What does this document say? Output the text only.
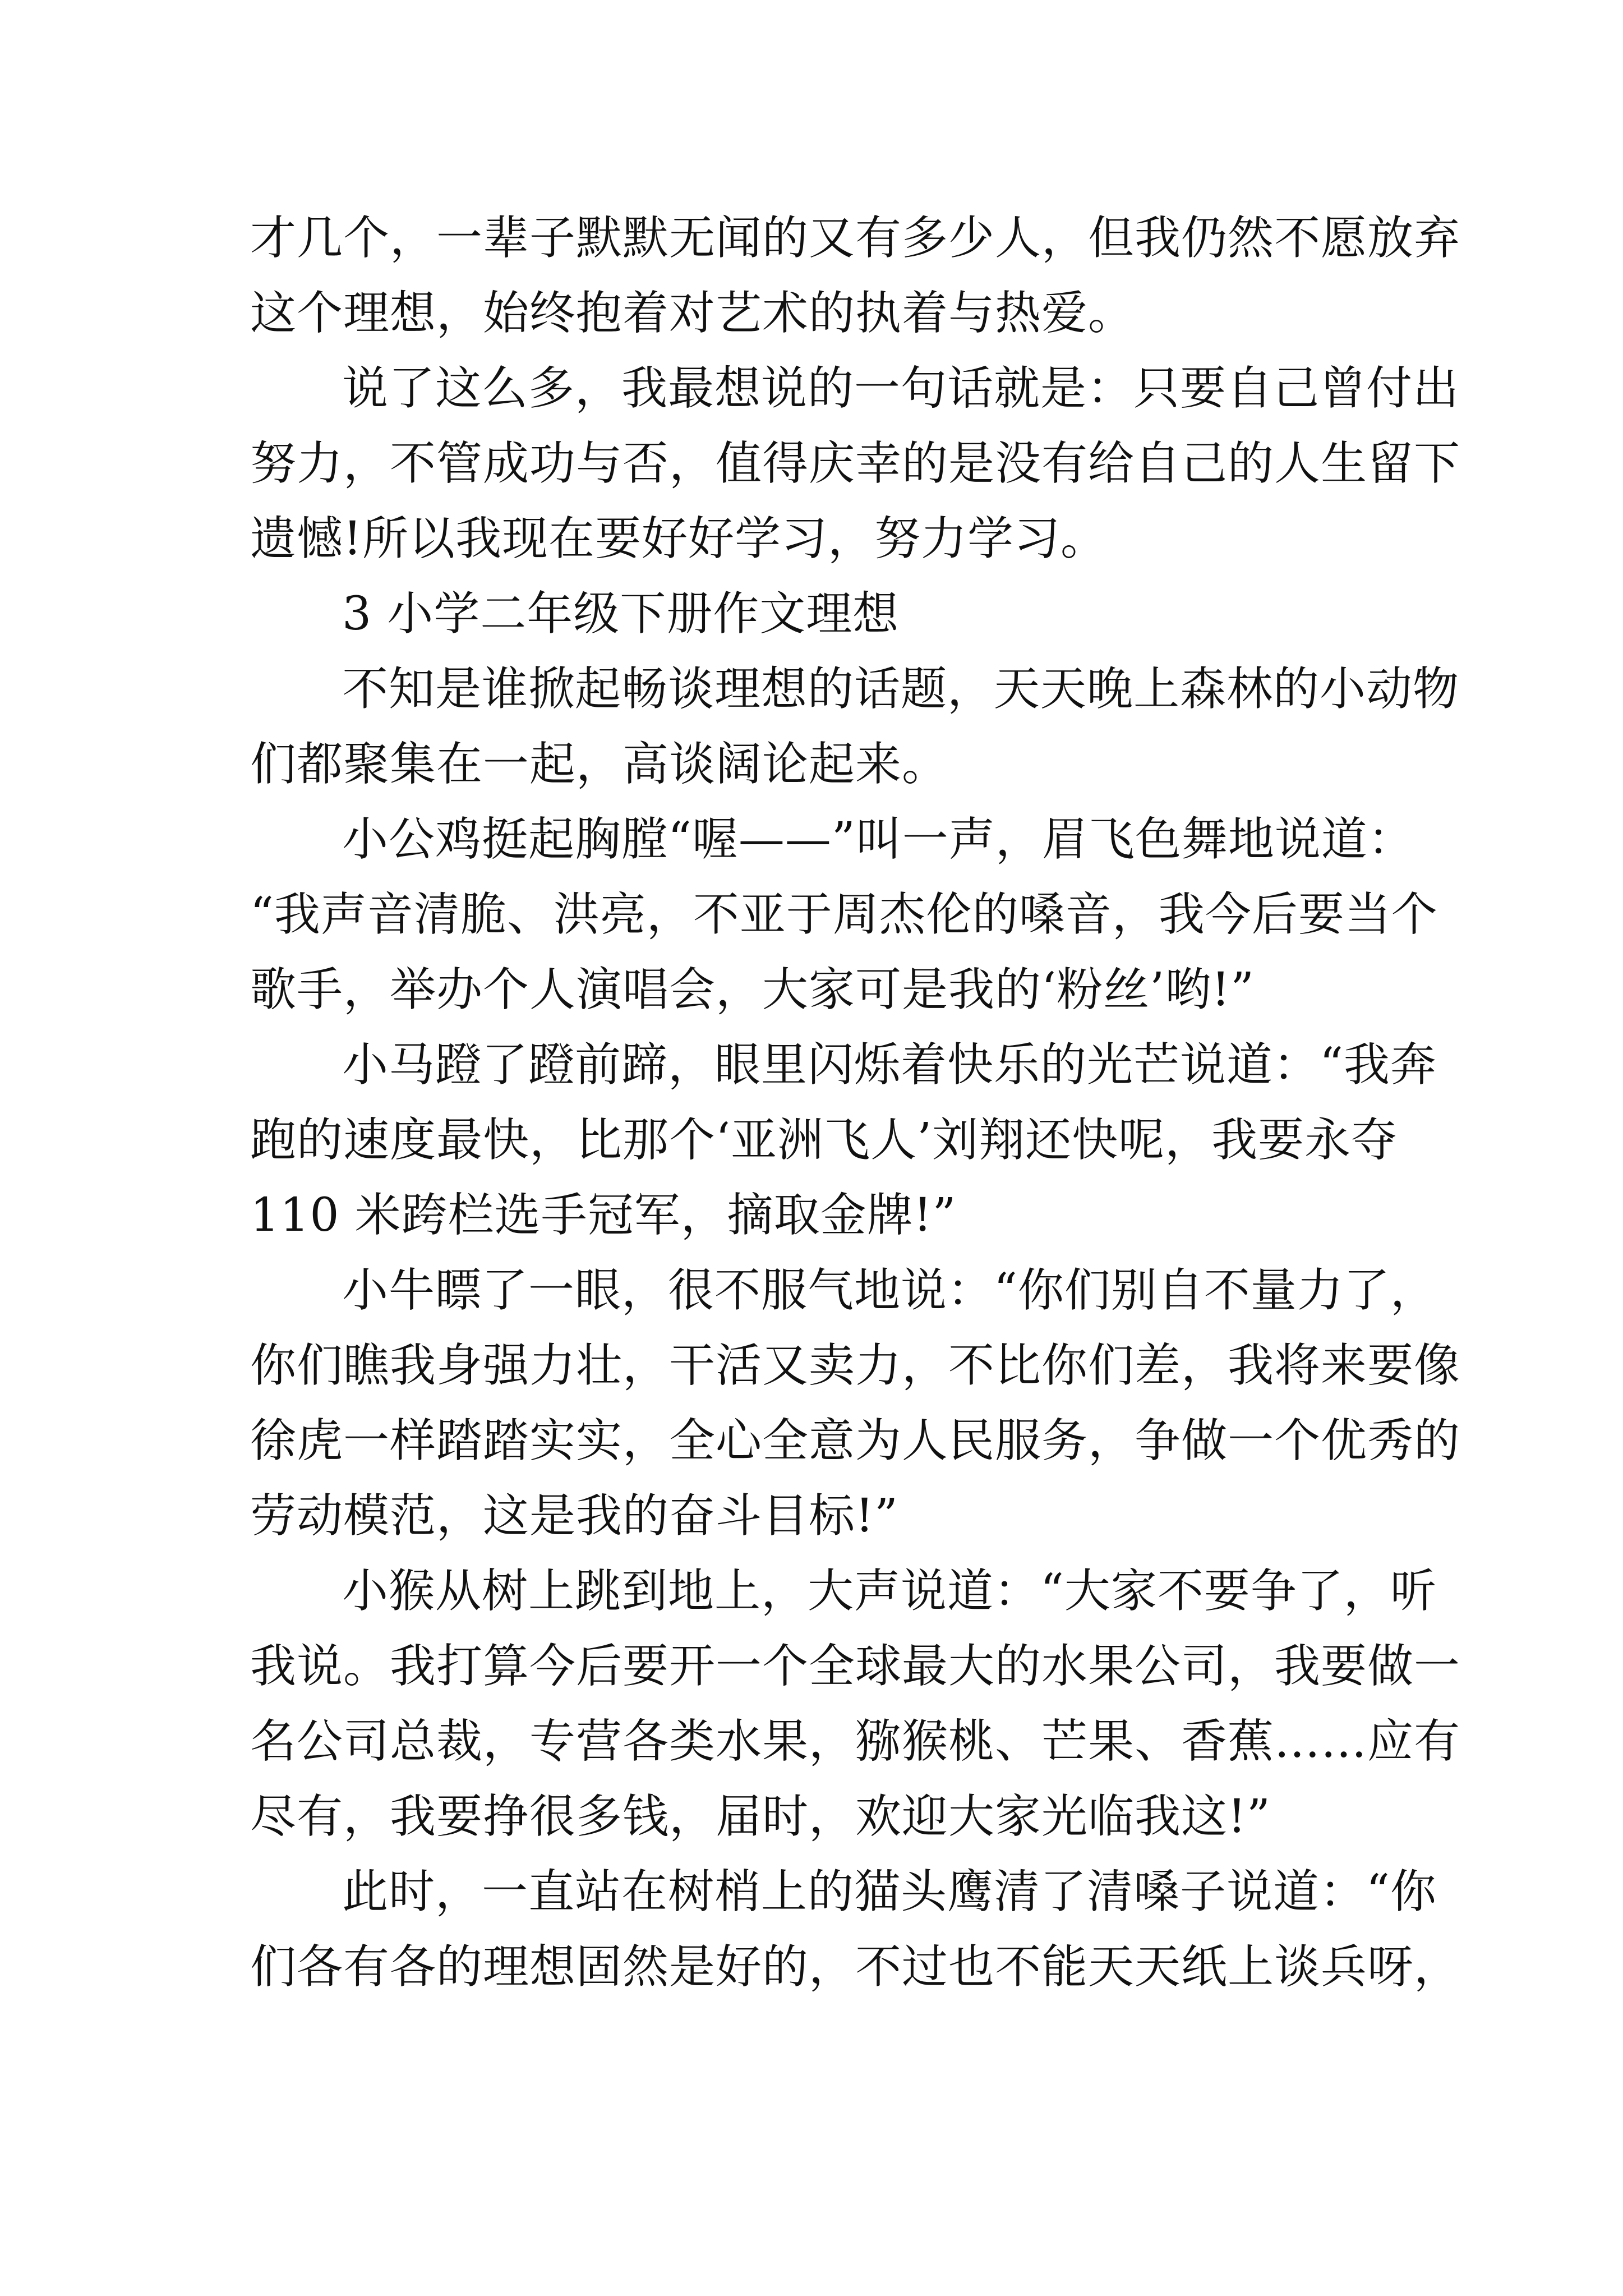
才几个，一辈子默默无闻的又有多少人，但我仍然不愿放弃
这个理想，始终抱着对艺术的执着与热爱。
说了这么多，我最想说的一句话就是：只要自己曾付出
努力，不管成功与否，值得庆幸的是没有给自己的人生留下
遗憾!所以我现在要好好学习，努力学习。
3 小学二年级下册作文理想
不知是谁掀起畅谈理想的话题，天天晚上森林的小动物
们都聚集在一起，高谈阔论起来。
小公鸡挺起胸膛“喔——”叫一声，眉飞色舞地说道：
“我声音清脆、洪亮，不亚于周杰伦的嗓音，我今后要当个
歌手，举办个人演唱会，大家可是我的‘粉丝’哟!”
小马蹬了蹬前蹄，眼里闪烁着快乐的光芒说道：“我奔
跑的速度最快，比那个‘亚洲飞人’刘翔还快呢，我要永夺
110 米跨栏选手冠军，摘取金牌!”
小牛瞟了一眼，很不服气地说：“你们别自不量力了，
你们瞧我身强力壮，干活又卖力，不比你们差，我将来要像
徐虎一样踏踏实实，全心全意为人民服务，争做一个优秀的
劳动模范，这是我的奋斗目标!”
小猴从树上跳到地上，大声说道：“大家不要争了，听
我说。我打算今后要开一个全球最大的水果公司，我要做一
名公司总裁，专营各类水果，猕猴桃、芒果、香蕉……应有
尽有，我要挣很多钱，届时，欢迎大家光临我这!”
此时，一直站在树梢上的猫头鹰清了清嗓子说道：“你
们各有各的理想固然是好的，不过也不能天天纸上谈兵呀，
